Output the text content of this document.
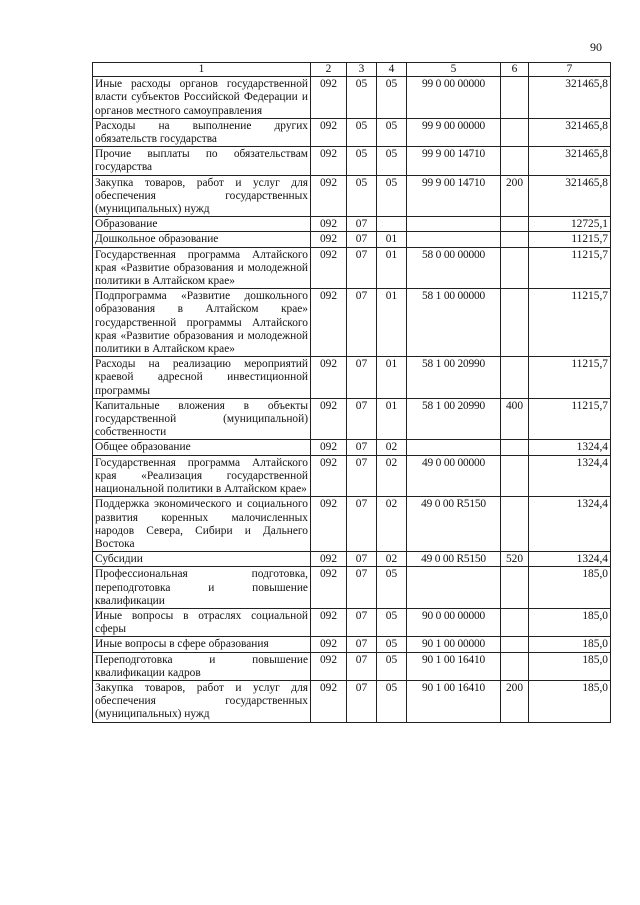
90
1	2	3	4	5	6	7
Иные расходы органов государственной власти субъектов Российской Федерации и органов местного самоуправления	092	05	05	99 0 00 00000		321465,8
Расходы на выполнение других обязательств государства	092	05	05	99 9 00 00000		321465,8
Прочие выплаты по обязательствам государства	092	05	05	99 9 00 14710		321465,8
Закупка товаров, работ и услуг для обеспечения государственных (муниципальных) нужд	092	05	05	99 9 00 14710	200	321465,8
Образование	092	07				12725,1
Дошкольное образование	092	07	01			11215,7
Государственная программа Алтайского края «Развитие образования и молодежной политики в Алтайском крае»	092	07	01	58 0 00 00000		11215,7
Подпрограмма «Развитие дошкольного образования в Алтайском крае» государственной программы Алтайского края «Развитие образования и молодежной политики в Алтайском крае»	092	07	01	58 1 00 00000		11215,7
Расходы на реализацию мероприятий краевой адресной инвестиционной программы	092	07	01	58 1 00 20990		11215,7
Капитальные вложения в объекты государственной (муниципальной) собственности	092	07	01	58 1 00 20990	400	11215,7
Общее образование	092	07	02			1324,4
Государственная программа Алтайского края «Реализация государственной национальной политики в Алтайском крае»	092	07	02	49 0 00 00000		1324,4
Поддержка экономического и социального развития коренных малочисленных народов Севера, Сибири и Дальнего Востока	092	07	02	49 0 00 R5150		1324,4
Субсидии	092	07	02	49 0 00 R5150	520	1324,4
Профессиональная подготовка, переподготовка и повышение квалификации	092	07	05			185,0
Иные вопросы в отраслях социальной сферы	092	07	05	90 0 00 00000		185,0
Иные вопросы в сфере образования	092	07	05	90 1 00 00000		185,0
Переподготовка и повышение квалификации кадров	092	07	05	90 1 00 16410		185,0
Закупка товаров, работ и услуг для обеспечения государственных (муниципальных) нужд	092	07	05	90 1 00 16410	200	185,0
